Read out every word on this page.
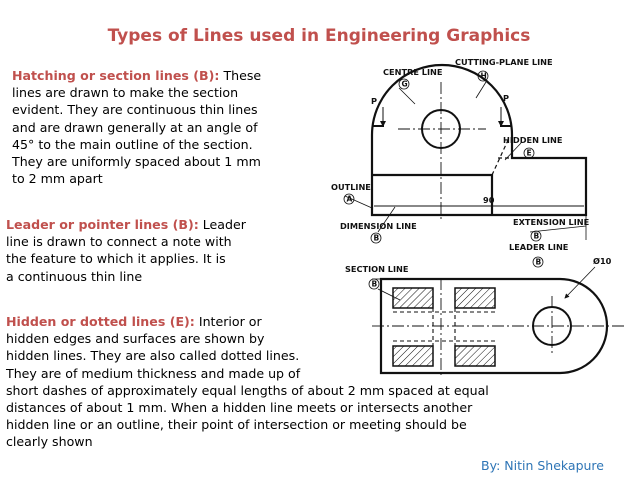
Types of Lines used in Engineering Graphics
Hatching or section lines (B): These
lines are drawn to make the section
evident. They are continuous thin lines
and are drawn generally at an angle of
45° to the main outline of the section.
They are uniformly spaced about 1 mm
to 2 mm apart
Leader or pointer lines (B): Leader
line is drawn to connect a note with
the feature to which it applies. It is
a continuous thin line
Hidden or dotted lines (E): Interior or
hidden edges and surfaces are shown by
hidden lines. They are also called dotted lines.
They are of medium thickness and made up of
short dashes of approximately equal lengths of about 2 mm spaced at equal
distances of about 1 mm. When a hidden line meets or intersects another
hidden line or an outline, their point of intersection or meeting should be
clearly shown
By: Nitin Shekapure
CENTRE LINE
G
CUTTING-PLANE LINE
H
P	P
HIDDEN LINE
E
OUTLINE
A	90
DIMENSION LINE
B
EXTENSION LINE
B
LEADER LINE
B
SECTION LINE
B
Ø10
